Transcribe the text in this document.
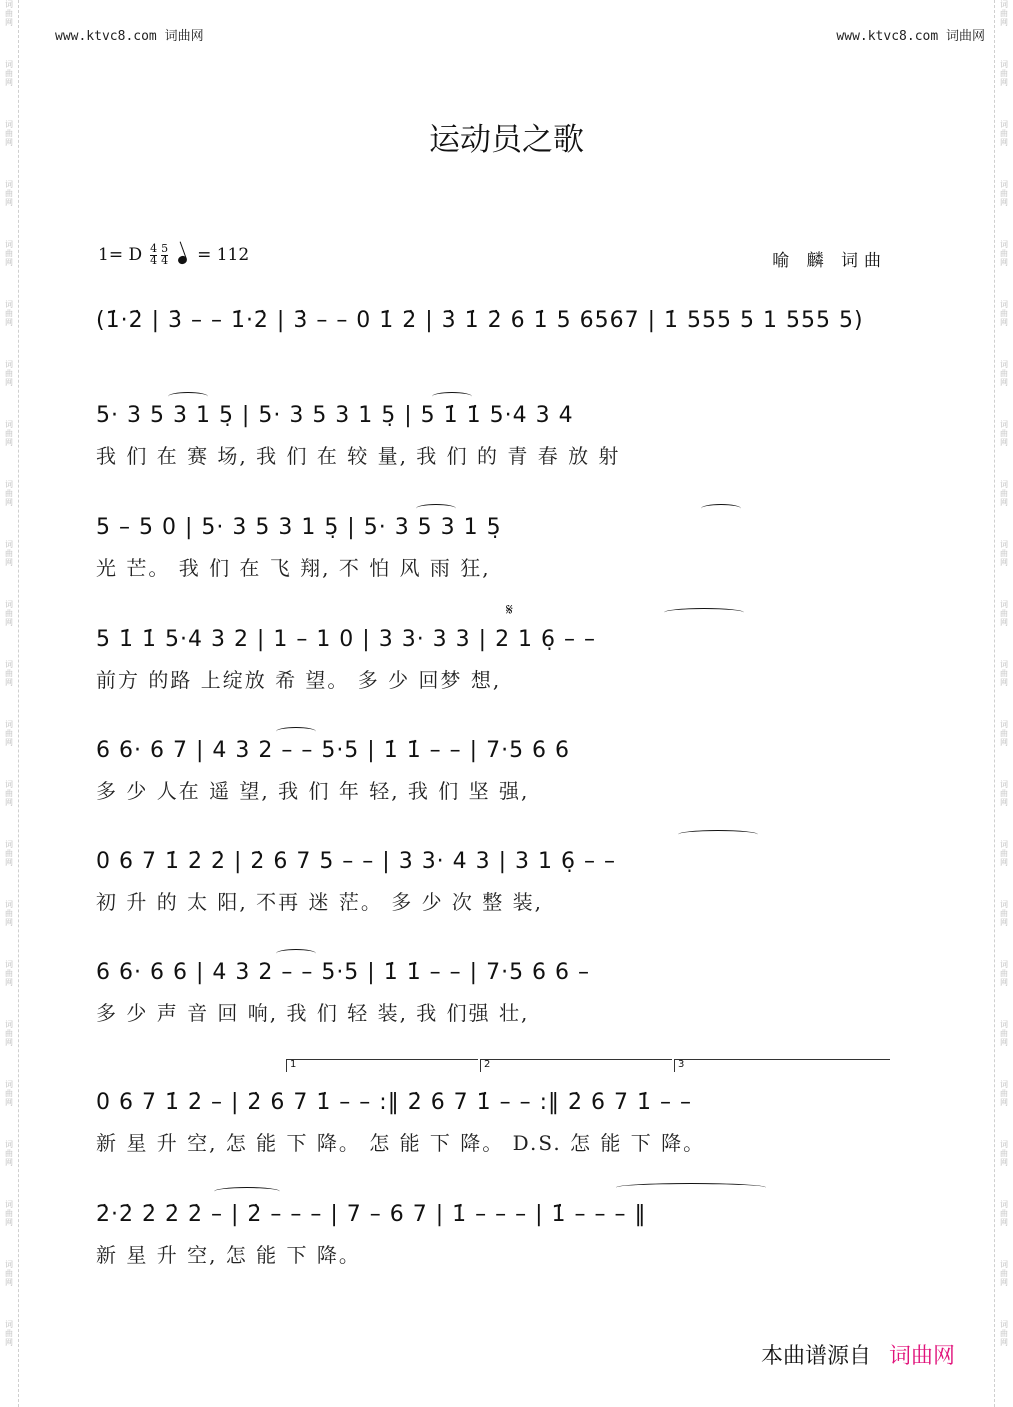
词曲网
词曲网
词曲网
词曲网
词曲网
词曲网
词曲网
词曲网
词曲网
词曲网
词曲网
词曲网
词曲网
词曲网
词曲网
词曲网
词曲网
词曲网
词曲网
词曲网
词曲网
词曲网
词曲网
词曲网
词曲网
词曲网
词曲网
词曲网
词曲网
词曲网
词曲网
词曲网
词曲网
词曲网
词曲网
词曲网
词曲网
词曲网
词曲网
词曲网
词曲网
词曲网
词曲网
词曲网
词曲网
词曲网
www.ktvc8.com 词曲网	www.ktvc8.com 词曲网
运动员之歌
1= D 4
4
5
4 = 112	喻 麟 词曲
(1̇·2̇ | 3̇ – – 1̇·2̇ | 3̇ – – 0 1̇ 2̇ | 3̇ 1̇ 2̇ 6 1̇ 5 6567 | 1̇ 555 5 1 555 5)
5· 3 5 3 1 5̣ | 5· 3 5 3 1 5̣ | 5 1̇ 1̇ 5·4 3 4
我 们 在 赛 场, 我 们 在 较 量, 我 们 的 青 春 放 射
5 – 5 0 | 5· 3 5 3 1 5̣ | 5· 3 5 3 1 5̣
光 芒。 我 们 在 飞 翔, 不 怕 风 雨 狂,
𝄋
5 1̇ 1̇ 5·4 3 2 | 1 – 1 0 | 3 3· 3 3 | 2 1 6̣ – –
前方 的路 上绽放 希 望。 多 少 回梦 想,
6 6· 6 7 | 4 3 2 – – 5·5 | 1̇ 1̇ – – | 7·5 6 6
多 少 人在 遥 望, 我 们 年 轻, 我 们 坚 强,
0 6 7 1̇ 2̇ 2̇ | 2̇ 6 7 5 – – | 3 3· 4 3 | 3 1 6̣ – –
初 升 的 太 阳, 不再 迷 茫。 多 少 次 整 装,
6 6· 6 6 | 4 3 2 – – 5·5 | 1̇ 1̇ – – | 7·5 6 6 –
多 少 声 音 回 响, 我 们 轻 装, 我 们强 壮,
1	2	3
0 6 7 1̇ 2̇ – | 2̇ 6 7 1̇ – – :‖ 2̇ 6 7 1̇ – – :‖ 2̇ 6 7 1̇ – –
新 星 升 空, 怎 能 下 降。 怎 能 下 降。 D.S. 怎 能 下 降。
2̇·2̇ 2̇ 2̇ 2̇ – | 2̇ – – – | 7 – 6 7 | 1̇ – – – | 1̇ – – – ‖
新 星 升 空, 怎 能 下 降。
本曲谱源自 词曲网
